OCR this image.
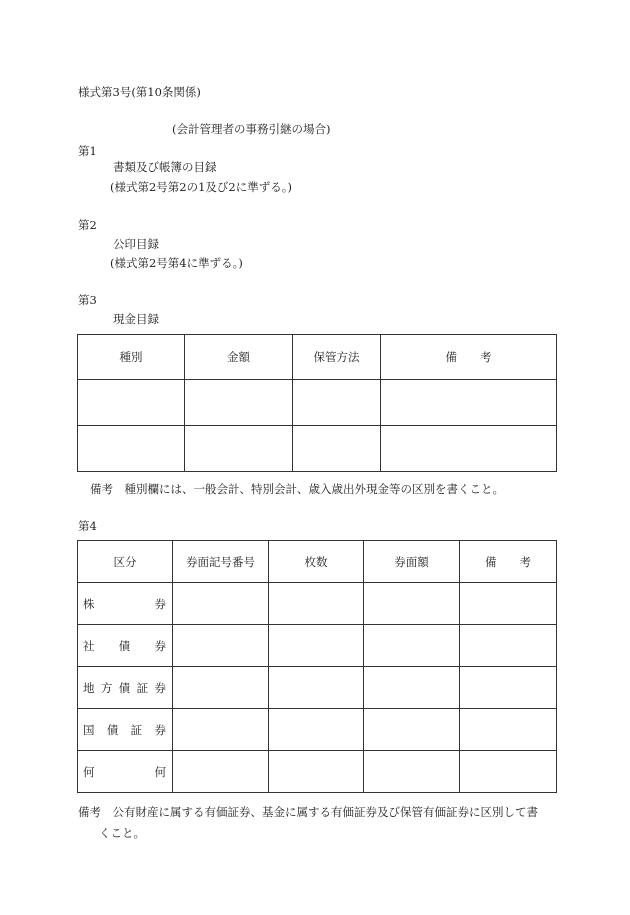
様式第3号(第10条関係)
(会計管理者の事務引継の場合)
第1
書類及び帳簿の目録
(様式第2号第2の1及び2に準ずる。)
第2
公印目録
(様式第2号第4に準ずる。)
第3
現金目録
種別	金額	保管方法	備　　考

備考　種別欄には、一般会計、特別会計、歳入歳出外現金等の区別を書くこと。
第4
区分	券面記号番号	枚数	券面額	備　　考

株 券				

社 債 券				

地 方 債 証 券				

国 債 証 券				

何 何				

備考　公有財産に属する有価証券、基金に属する有価証券及び保管有価証券に区別して書
くこと。
